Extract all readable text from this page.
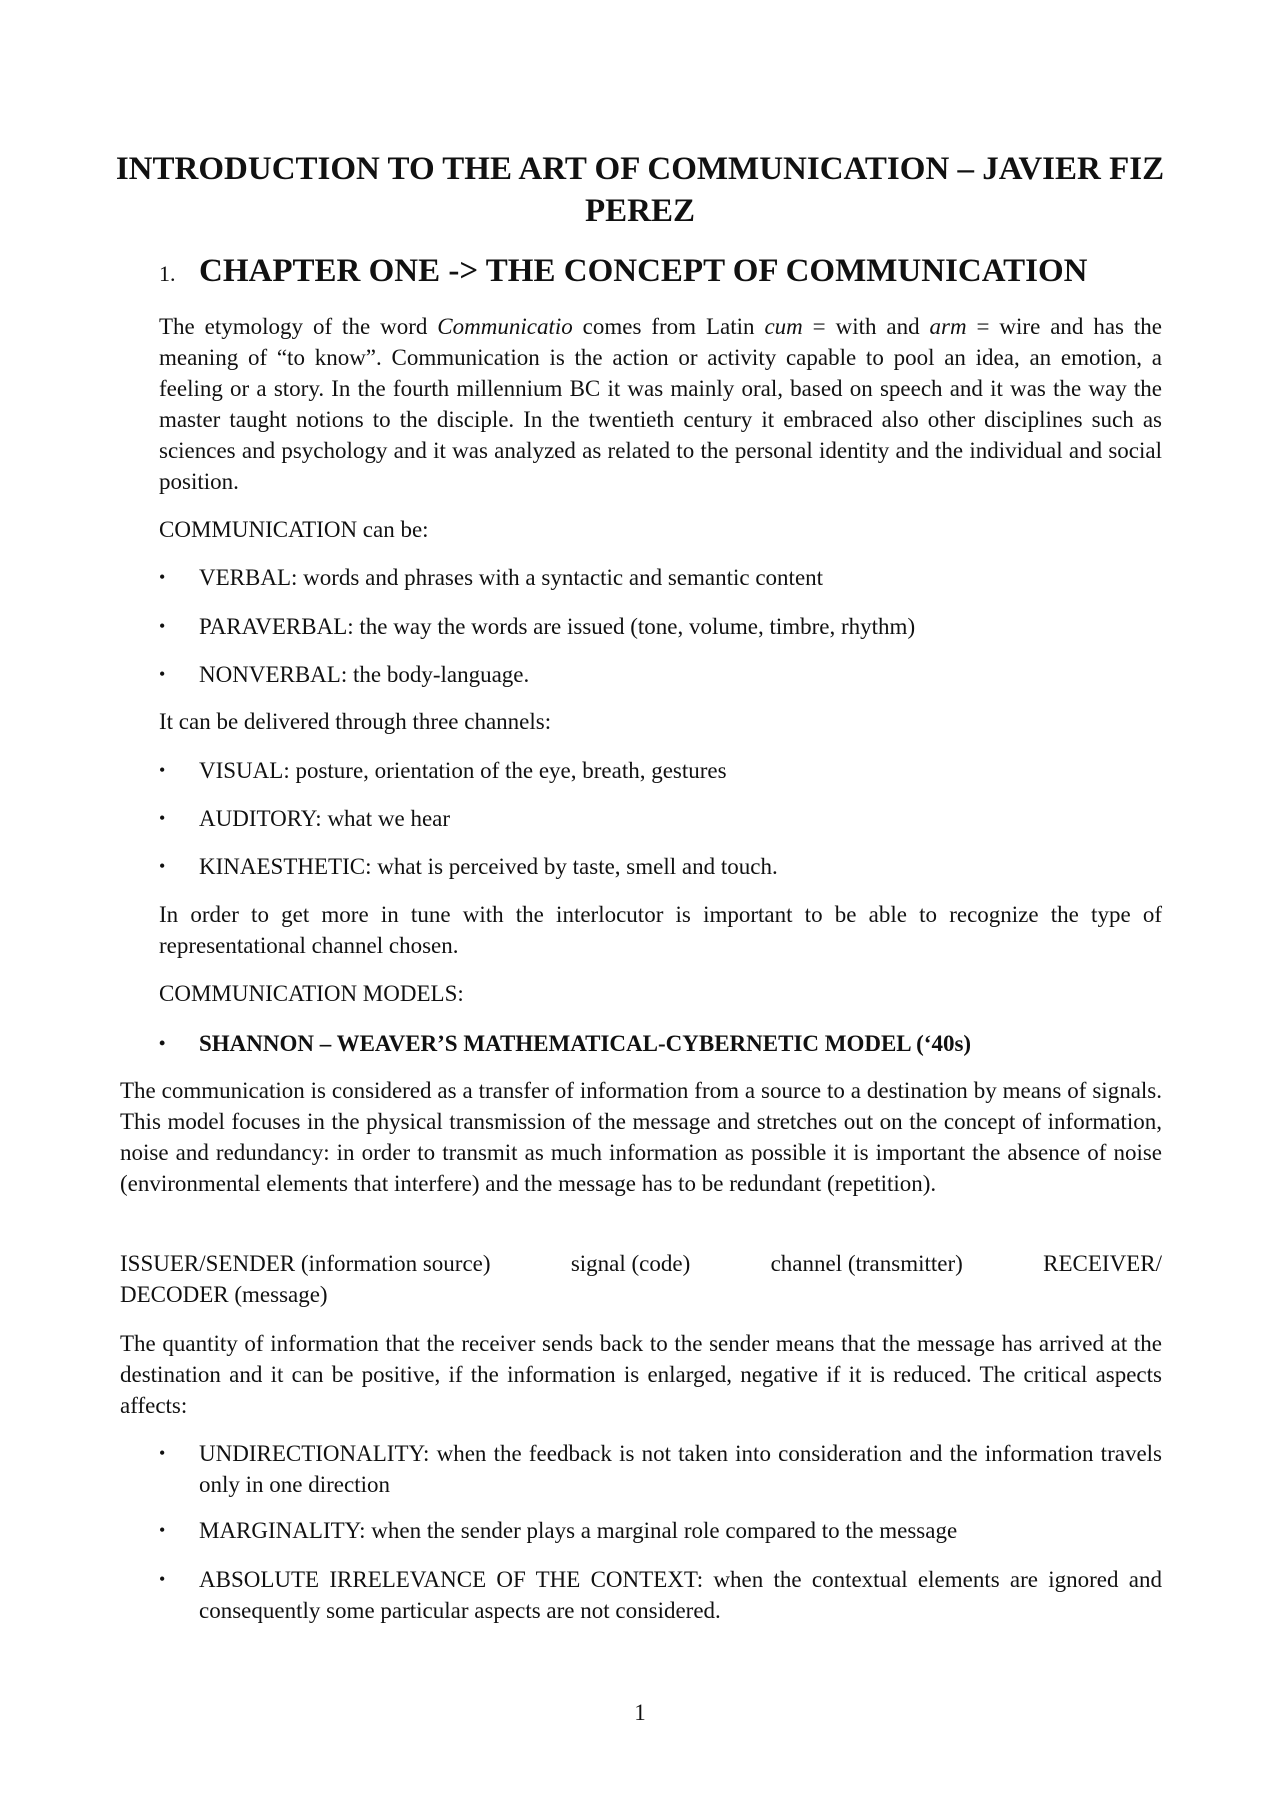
INTRODUCTION TO THE ART OF COMMUNICATION – JAVIER FIZ PEREZ
1. CHAPTER ONE -> THE CONCEPT OF COMMUNICATION

The etymology of the word Communicatio comes from Latin cum = with and arm = wire and has the meaning of “to know”. Communication is the action or activity capable to pool an idea, an emotion, a feeling or a story. In the fourth millennium BC it was mainly oral, based on speech and it was the way the master taught notions to the disciple. In the twentieth century it embraced also other disciplines such as sciences and psychology and it was analyzed as related to the personal identity and the individual and social position.

COMMUNICATION can be:

•	VERBAL: words and phrases with a syntactic and semantic content
•	PARAVERBAL: the way the words are issued (tone, volume, timbre, rhythm)
•	NONVERBAL: the body-language.

It can be delivered through three channels:

•	VISUAL: posture, orientation of the eye, breath, gestures
•	AUDITORY: what we hear
•	KINAESTHETIC: what is perceived by taste, smell and touch.

In order to get more in tune with the interlocutor is important to be able to recognize the type of representational channel chosen.

COMMUNICATION MODELS:

•	SHANNON – WEAVER’S MATHEMATICAL-CYBERNETIC MODEL (‘40s)

The communication is considered as a transfer of information from a source to a destination by means of signals. This model focuses in the physical transmission of the message and stretches out on the concept of information, noise and redundancy: in order to transmit as much information as possible it is important the absence of noise (environmental elements that interfere) and the message has to be redundant (repetition).

ISSUER/SENDER (information source)	signal (code)	channel (transmitter)	RECEIVER/
DECODER (message)

The quantity of information that the receiver sends back to the sender means that the message has arrived at the destination and it can be positive, if the information is enlarged, negative if it is reduced. The critical aspects affects:

•	UNDIRECTIONALITY: when the feedback is not taken into consideration and the information travels only in one direction
•	MARGINALITY: when the sender plays a marginal role compared to the message
•	ABSOLUTE IRRELEVANCE OF THE CONTEXT: when the contextual elements are ignored and consequently some particular aspects are not considered.
1
